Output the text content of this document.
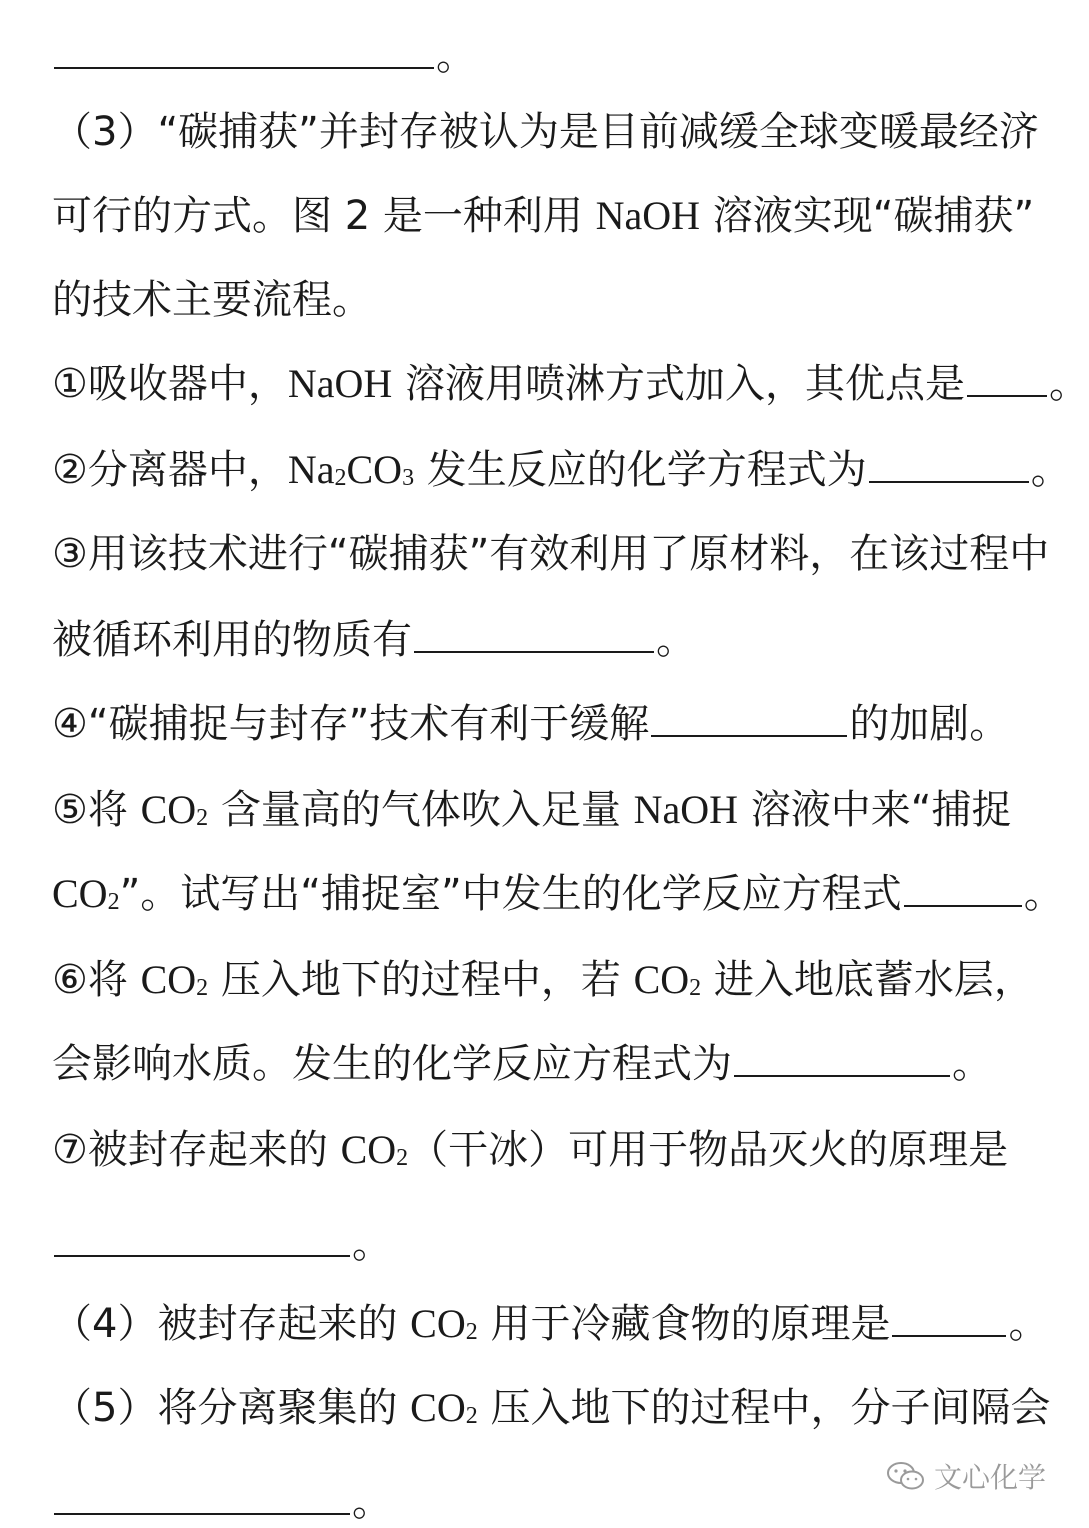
。
（3）“碳捕获”并封存被认为是目前减缓全球变暖最经济
可行的方式。图 2 是一种利用 NaOH 溶液实现“碳捕获”
的技术主要流程。
①吸收器中，NaOH 溶液用喷淋方式加入，其优点是 。
②分离器中，$Na_2CO_3$ 发生反应的化学方程式为	。
③用该技术进行“碳捕获”有效利用了原材料，在该过程中
被循环利用的物质有	。
④“碳捕捉与封存”技术有利于缓解	的加剧。
⑤将 $CO_2$ 含量高的气体吹入足量 NaOH 溶液中来“捕捉
$CO_2$”。试写出“捕捉室”中发生的化学反应方程式	。
⑥将 $CO_2$ 压入地下的过程中，若 $CO_2$ 进入地底蓄水层，
会影响水质。发生的化学反应方程式为	。
⑦被封存起来的 $CO_2$（干冰）可用于物品灭火的原理是
。
（4）被封存起来的 $CO_2$ 用于冷藏食物的原理是	。
（5）将分离聚集的 $CO_2$ 压入地下的过程中，分子间隔会
。
文心化学
